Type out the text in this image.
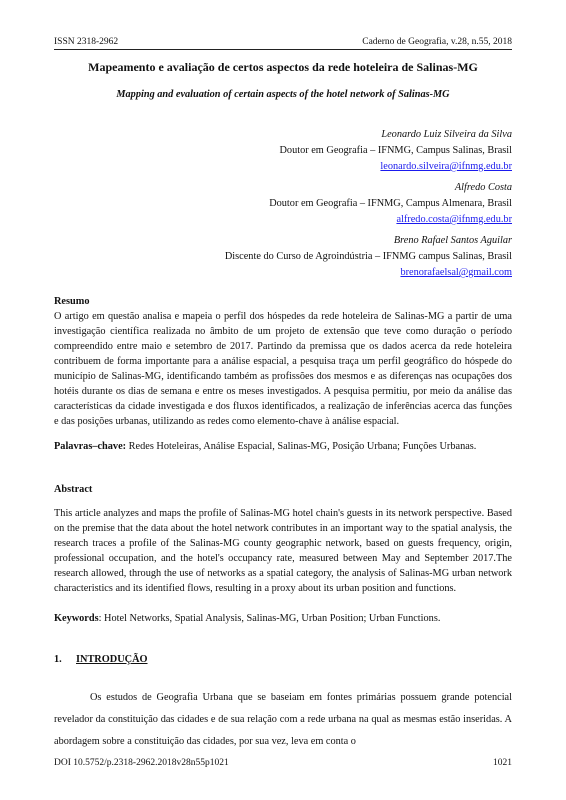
ISSN 2318-2962	Caderno de Geografia, v.28, n.55, 2018
Mapeamento e avaliação de certos aspectos da rede hoteleira de Salinas-MG
Mapping and evaluation of certain aspects of the hotel network of Salinas-MG
Leonardo Luiz Silveira da Silva
Doutor em Geografia – IFNMG, Campus Salinas, Brasil
leonardo.silveira@ifnmg.edu.br
Alfredo Costa
Doutor em Geografia – IFNMG, Campus Almenara, Brasil
alfredo.costa@ifnmg.edu.br
Breno Rafael Santos Aguilar
Discente do Curso de Agroindústria – IFNMG campus Salinas, Brasil
brenorafaelsal@gmail.com
Resumo
O artigo em questão analisa e mapeia o perfil dos hóspedes da rede hoteleira de Salinas-MG a partir de uma investigação científica realizada no âmbito de um projeto de extensão que teve como duração o período compreendido entre maio e setembro de 2017. Partindo da premissa que os dados acerca da rede hoteleira contribuem de forma importante para a análise espacial, a pesquisa traça um perfil geográfico do hóspede do município de Salinas-MG, identificando também as profissões dos mesmos e as diferenças nas ocupações dos hotéis durante os dias de semana e entre os meses investigados. A pesquisa permitiu, por meio da análise das características da cidade investigada e dos fluxos identificados, a realização de inferências acerca das funções e das posições urbanas, utilizando as redes como elemento-chave à análise espacial.
Palavras–chave: Redes Hoteleiras, Análise Espacial, Salinas-MG, Posição Urbana; Funções Urbanas.
Abstract
This article analyzes and maps the profile of Salinas-MG hotel chain's guests in its network perspective. Based on the premise that the data about the hotel network contributes in an important way to the spatial analysis, the research traces a profile of the Salinas-MG county geographic network, based on guests frequency, origin, professional occupation, and the hotel's occupancy rate, measured between May and September 2017.The research allowed, through the use of networks as a spatial category, the analysis of Salinas-MG urban network characteristics and its identified flows, resulting in a proxy about its urban position and functions.
Keywords: Hotel Networks, Spatial Analysis, Salinas-MG, Urban Position; Urban Functions.
1. INTRODUÇÃO
Os estudos de Geografia Urbana que se baseiam em fontes primárias possuem grande potencial revelador da constituição das cidades e de sua relação com a rede urbana na qual as mesmas estão inseridas. A abordagem sobre a constituição das cidades, por sua vez, leva em conta o
DOI 10.5752/p.2318-2962.2018v28n55p1021	1021
